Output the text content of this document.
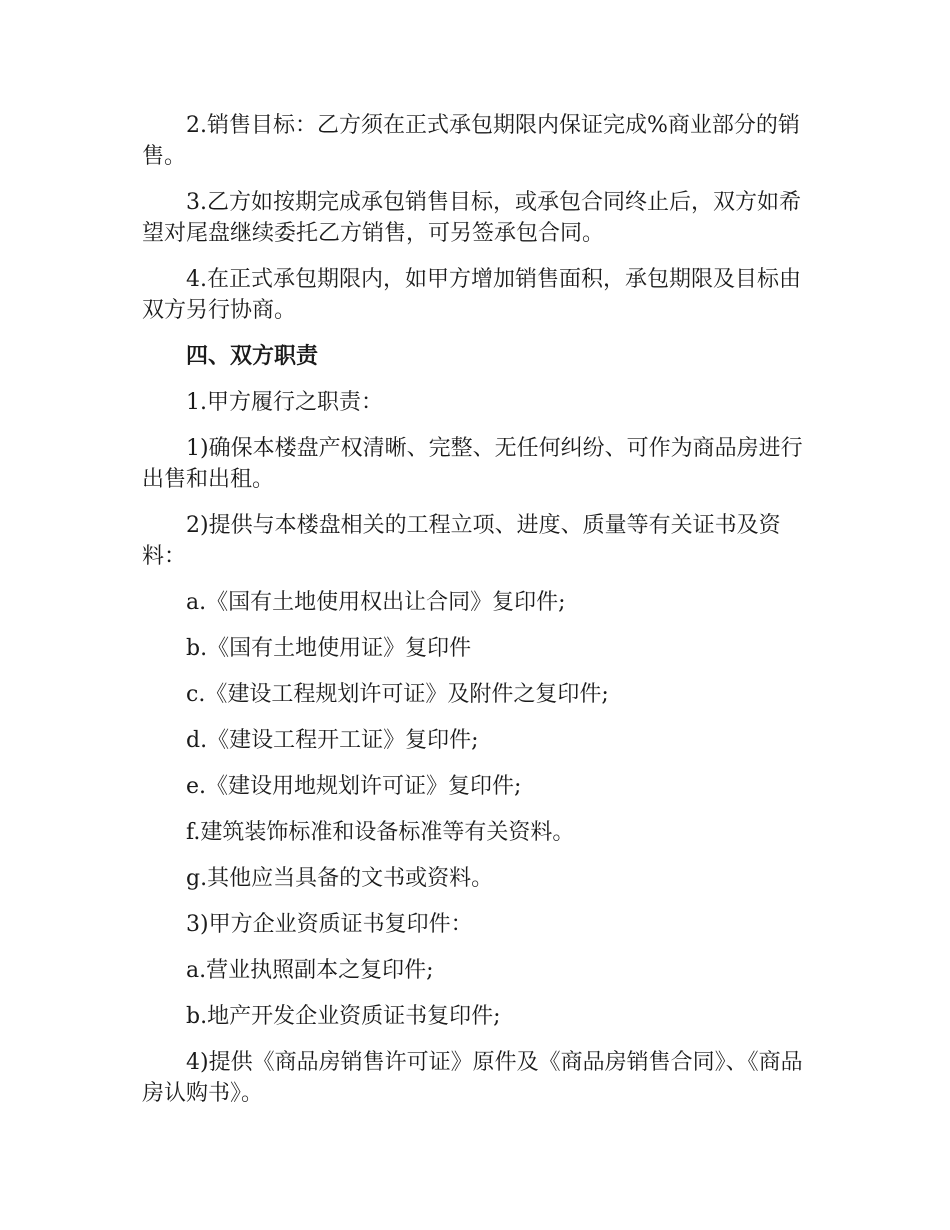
2.销售目标：乙方须在正式承包期限内保证完成%商业部分的销售。

3.乙方如按期完成承包销售目标，或承包合同终止后，双方如希望对尾盘继续委托乙方销售，可另签承包合同。

4.在正式承包期限内，如甲方增加销售面积，承包期限及目标由双方另行协商。

四、双方职责

1.甲方履行之职责：

1)确保本楼盘产权清晰、完整、无任何纠纷、可作为商品房进行出售和出租。

2)提供与本楼盘相关的工程立项、进度、质量等有关证书及资料：

a.《国有土地使用权出让合同》复印件;

b.《国有土地使用证》复印件

c.《建设工程规划许可证》及附件之复印件;

d.《建设工程开工证》复印件;

e.《建设用地规划许可证》复印件;

f.建筑装饰标准和设备标准等有关资料。

g.其他应当具备的文书或资料。

3)甲方企业资质证书复印件：

a.营业执照副本之复印件;

b.地产开发企业资质证书复印件;

4)提供《商品房销售许可证》原件及《商品房销售合同》、《商品房认购书》。
